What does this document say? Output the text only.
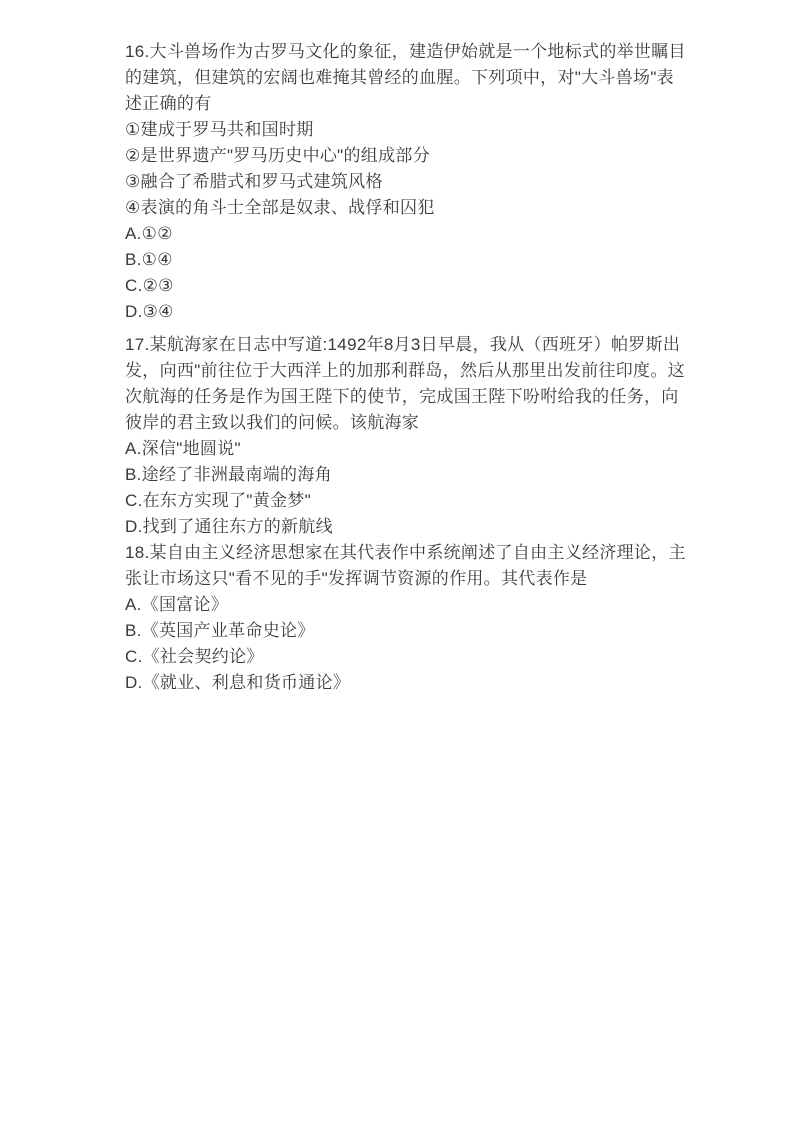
16.大斗兽场作为古罗马文化的象征，建造伊始就是一个地标式的举世瞩目
的建筑，但建筑的宏阔也难掩其曾经的血腥。下列项中，对"大斗兽场"表
述正确的有
①建成于罗马共和国时期
②是世界遗产"罗马历史中心"的组成部分
③融合了希腊式和罗马式建筑风格
④表演的角斗士全部是奴隶、战俘和囚犯
A.①②
B.①④
C.②③
D.③④
17.某航海家在日志中写道:1492年8月3日早晨，我从（西班牙）帕罗斯出
发，向西"前往位于大西洋上的加那利群岛，然后从那里出发前往印度。这
次航海的任务是作为国王陛下的使节，完成国王陛下吩咐给我的任务，向
彼岸的君主致以我们的问候。该航海家
A.深信"地圆说"
B.途经了非洲最南端的海角
C.在东方实现了"黄金梦"
D.找到了通往东方的新航线
18.某自由主义经济思想家在其代表作中系统阐述了自由主义经济理论，主
张让市场这只"看不见的手"发挥调节资源的作用。其代表作是
A.《国富论》
B.《英国产业革命史论》
C.《社会契约论》
D.《就业、利息和货币通论》
